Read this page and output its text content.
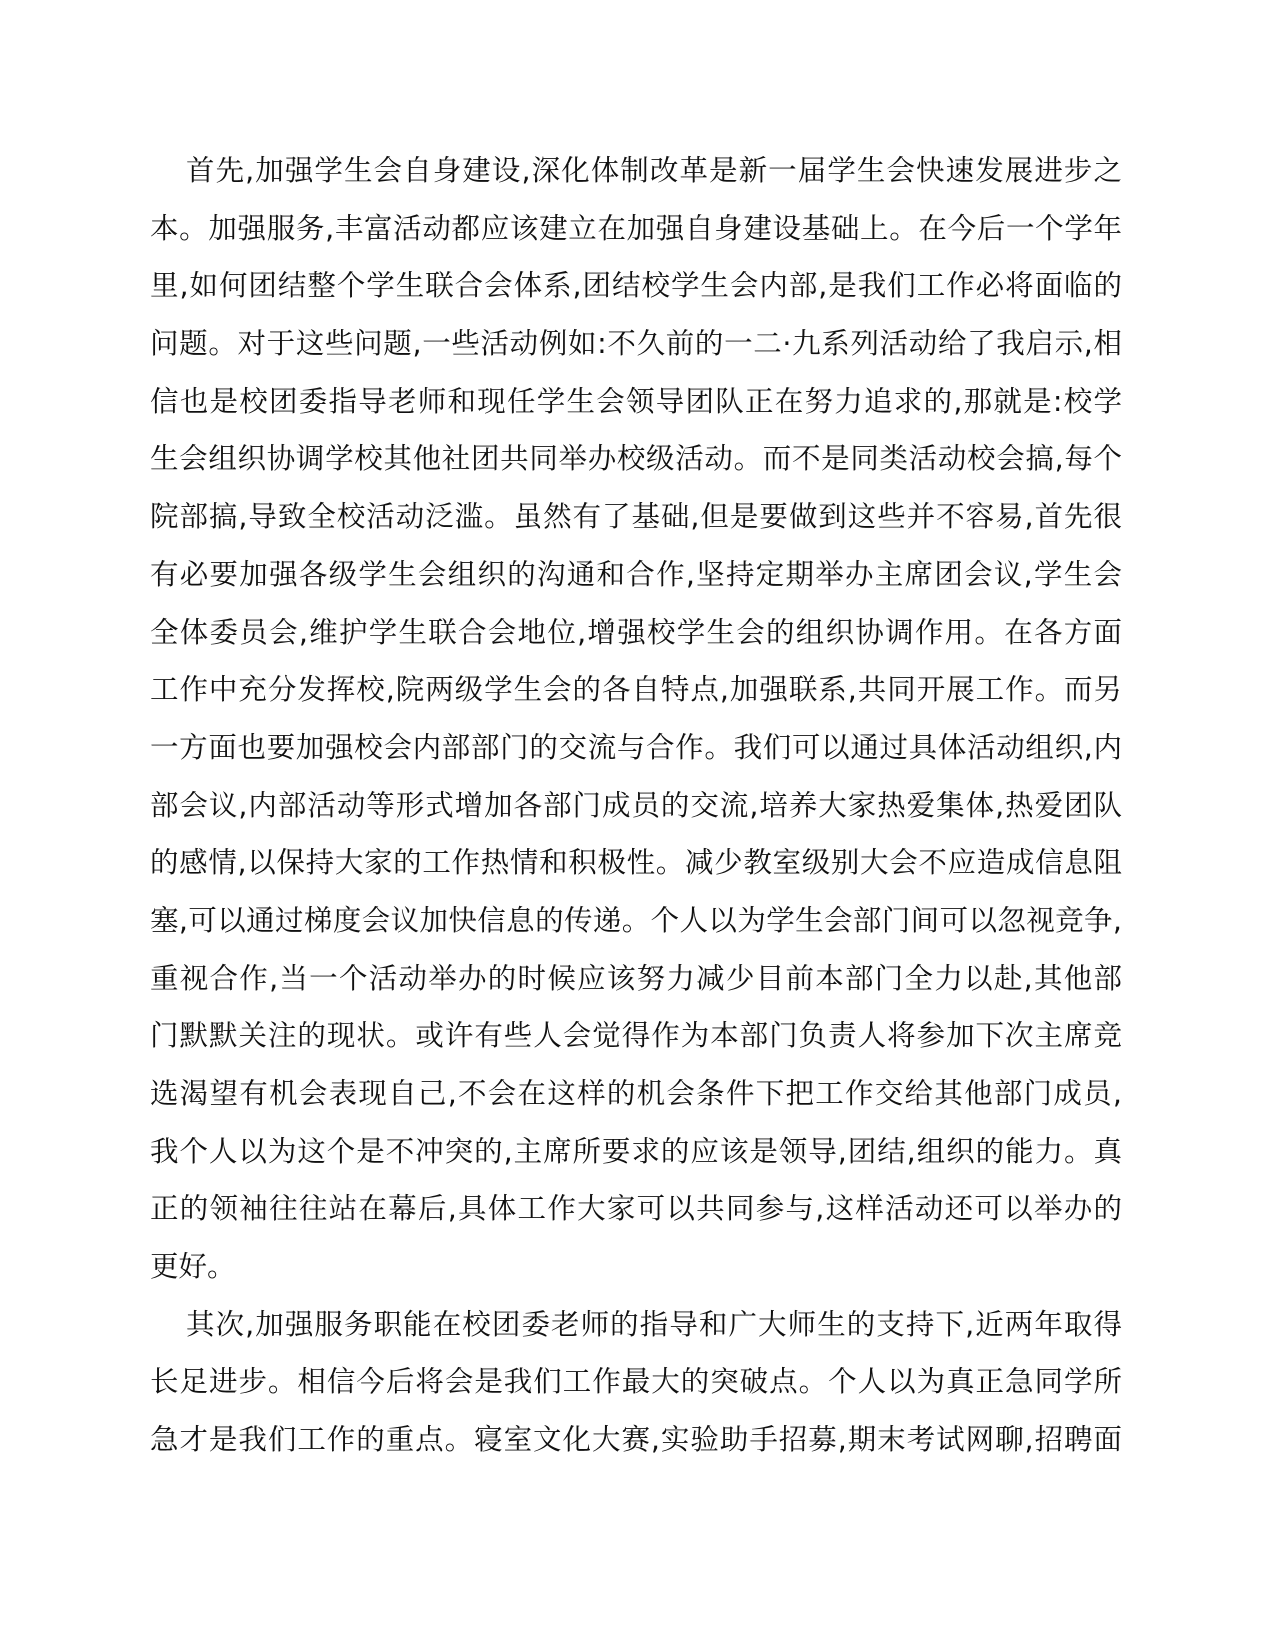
首先,加强学生会自身建设,深化体制改革是新一届学生会快速发展进步之
本。加强服务,丰富活动都应该建立在加强自身建设基础上。在今后一个学年
里,如何团结整个学生联合会体系,团结校学生会内部,是我们工作必将面临的
问题。对于这些问题,一些活动例如:不久前的一二·九系列活动给了我启示,相
信也是校团委指导老师和现任学生会领导团队正在努力追求的,那就是:校学
生会组织协调学校其他社团共同举办校级活动。而不是同类活动校会搞,每个
院部搞,导致全校活动泛滥。虽然有了基础,但是要做到这些并不容易,首先很
有必要加强各级学生会组织的沟通和合作,坚持定期举办主席团会议,学生会
全体委员会,维护学生联合会地位,增强校学生会的组织协调作用。在各方面
工作中充分发挥校,院两级学生会的各自特点,加强联系,共同开展工作。而另
一方面也要加强校会内部部门的交流与合作。我们可以通过具体活动组织,内
部会议,内部活动等形式增加各部门成员的交流,培养大家热爱集体,热爱团队
的感情,以保持大家的工作热情和积极性。减少教室级别大会不应造成信息阻
塞,可以通过梯度会议加快信息的传递。个人以为学生会部门间可以忽视竞争,
重视合作,当一个活动举办的时候应该努力减少目前本部门全力以赴,其他部
门默默关注的现状。或许有些人会觉得作为本部门负责人将参加下次主席竞
选渴望有机会表现自己,不会在这样的机会条件下把工作交给其他部门成员,
我个人以为这个是不冲突的,主席所要求的应该是领导,团结,组织的能力。真
正的领袖往往站在幕后,具体工作大家可以共同参与,这样活动还可以举办的
更好。
其次,加强服务职能在校团委老师的指导和广大师生的支持下,近两年取得
长足进步。相信今后将会是我们工作最大的突破点。个人以为真正急同学所
急才是我们工作的重点。寝室文化大赛,实验助手招募,期末考试网聊,招聘面
